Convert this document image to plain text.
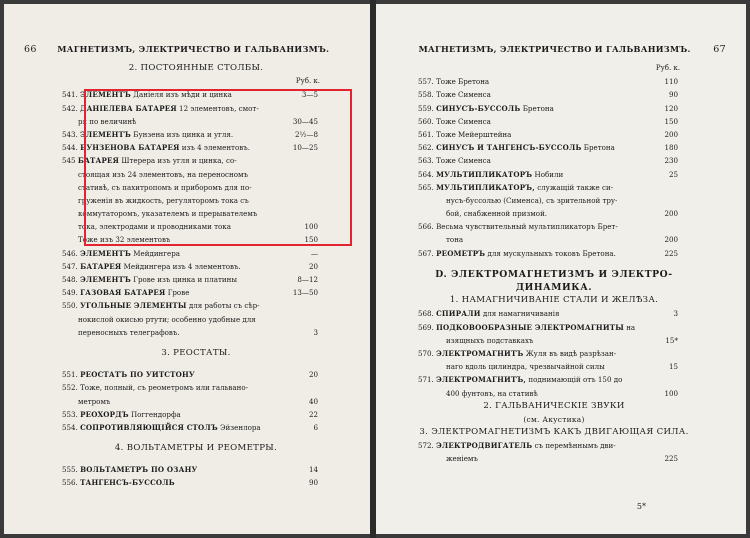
66	МАГНЕТИЗМЪ, ЭЛЕКТРИЧЕСТВО И ГАЛЬВАНИЗМЪ.
2. ПОСТОЯННЫЕ СТОЛБЫ.
Руб. к.
541. ЭЛЕМЕНТЪ Даніеля изъ мѣди и цинка	3—5
542. ДАНІЕЛЕВА БАТАРЕЯ 12 элементовъ, смот-
ря по величинѣ	30—45
543. ЭЛЕМЕНТЪ Бунзена изъ цинка и угля.	2½—8
544. БУНЗЕНОВА БАТАРЕЯ изъ 4 элементовъ.	10—25
545 БАТАРЕЯ Штерера изъ угля и цинка, со-
стоящая изъ 24 элементовъ, на переносномъ
стативѣ, съ пахитропомъ и приборомъ для по-
груженія въ жидкость, регуляторомъ тока съ
коммутаторомъ, указателемъ и прерывателемъ
тока, электродами и проводниками тока	100
Тоже изъ 32 элементовъ	150
546. ЭЛЕМЕНТЪ Мейдингера	—
547. БАТАРЕЯ Мейдингера изъ 4 элементовъ.	20
548. ЭЛЕМЕНТЪ Грове изъ цинка и платины	8—12
549. ГАЗОВАЯ БАТАРЕЯ Грове	13—50
550. УГОЛЬНЫЕ ЭЛЕМЕНТЫ для работы съ сѣр-
нокислой окисью ртути; особенно удобные для
переносныхъ телеграфовъ.	3
3. РЕОСТАТЫ.
551. РЕОСТАТЪ ПО УИТСТОНУ	20
552. Тоже, полный, съ реометромъ или гальвано-
метромъ	40
553. РЕОХОРДЪ Поггендорфа	22
554. СОПРОТИВЛЯЮЩІЙСЯ СТОЛЪ Эйзенлора	6
4. ВОЛЬТАМЕТРЫ И РЕОМЕТРЫ.
555. ВОЛЬТАМЕТРЪ ПО ОЗАНУ	14
556. ТАНГЕНСЪ-БУССОЛЬ	90
МАГНЕТИЗМЪ, ЭЛЕКТРИЧЕСТВО И ГАЛЬВАНИЗМЪ.	67
Руб. к.
557. Тоже Бретона	110
558. Тоже Сименса	90
559. СИНУСЪ-БУССОЛЬ Бретона	120
560. Тоже Сименса	150
561. Тоже Мейерштейна	200
562. СИНУСЪ И ТАНГЕНСЪ-БУССОЛЬ Бретона	180
563. Тоже Сименса	230
564. МУЛЬТИПЛИКАТОРЪ Нобили	25
565. МУЛЬТИПЛИКАТОРЪ, служащій также си-
нусъ-буссолью (Сименса), съ зрительной тру-
бой, снабженной призмой.	200
566. Весьма чувствительный мультипликаторъ Брет-
тона	200
567. РЕОМЕТРЪ для мускульныхъ токовъ Бретона.	225
D. ЭЛЕКТРОМАГНЕТИЗМЪ И ЭЛЕКТРО-
ДИНАМИКА.
1. НАМАГНИЧИВАНІЕ СТАЛИ И ЖЕЛѢЗА.
568. СПИРАЛИ для намагничиванія	3
569. ПОДКОВООБРАЗНЫЕ ЭЛЕКТРОМАГНИТЫ на
изящныхъ подставкахъ	15*
570. ЭЛЕКТРОМАГНИТЪ Жуля въ видѣ разрѣзан-
наго вдоль цилиндра, чрезвычайной силы	15
571. ЭЛЕКТРОМАГНИТЪ, поднимающій отъ 150 до
400 фунтовъ, на стативѣ	100
2. ГАЛЬВАНИЧЕСКІЕ ЗВУКИ
(см. Акустика)
3. ЭЛЕКТРОМАГНЕТИЗМЪ КАКЪ ДВИГАЮЩАЯ СИЛА.
572. ЭЛЕКТРОДВИГАТЕЛЬ съ перемѣннымъ дви-
женіемъ	225
5*
